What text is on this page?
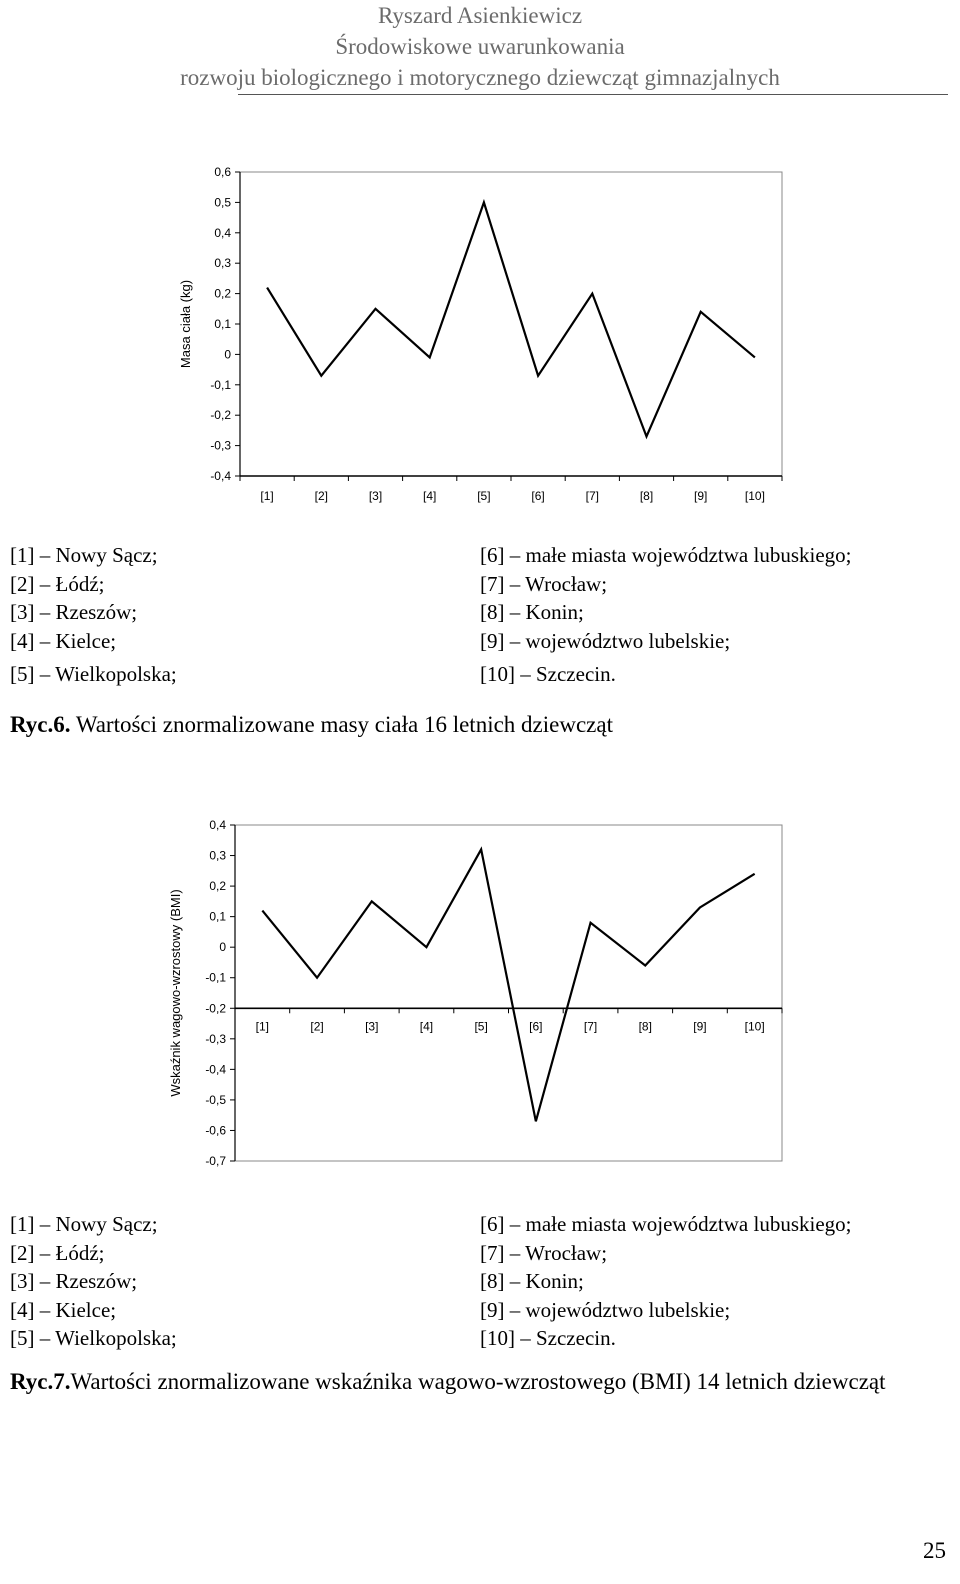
Ryszard Asienkiewicz
Środowiskowe uwarunkowania
rozwoju biologicznego i motorycznego dziewcząt gimnazjalnych
0,6
0,5
0,4
0,3
0,2
0,1
0
-0,1
-0,2
-0,3
-0,4
[1]	[2]	[3]	[4]	[5]	[6]	[7]	[8]	[9]	[10]
Masa ciała (kg)
[1] – Nowy Sącz;
[2] – Łódź;
[3] – Rzeszów;
[4] – Kielce;
[5] – Wielkopolska;
[6] – małe miasta województwa lubuskiego;
[7] – Wrocław;
[8] – Konin;
[9] – województwo lubelskie;
[10] – Szczecin.
Ryc.6. Wartości znormalizowane masy ciała 16 letnich dziewcząt
0,4
0,3
0,2
0,1
0
-0,1
-0,2
-0,3
-0,4
-0,5
-0,6
-0,7
[1]	[2]	[3]	[4]	[5]	[6]	[7]	[8]	[9]	[10]
Wskaźnik wagowo-wzrostowy (BMI)
[1] – Nowy Sącz;
[2] – Łódź;
[3] – Rzeszów;
[4] – Kielce;
[5] – Wielkopolska;
[6] – małe miasta województwa lubuskiego;
[7] – Wrocław;
[8] – Konin;
[9] – województwo lubelskie;
[10] – Szczecin.
Ryc.7.Wartości znormalizowane wskaźnika wagowo-wzrostowego (BMI) 14 letnich dziewcząt
25
